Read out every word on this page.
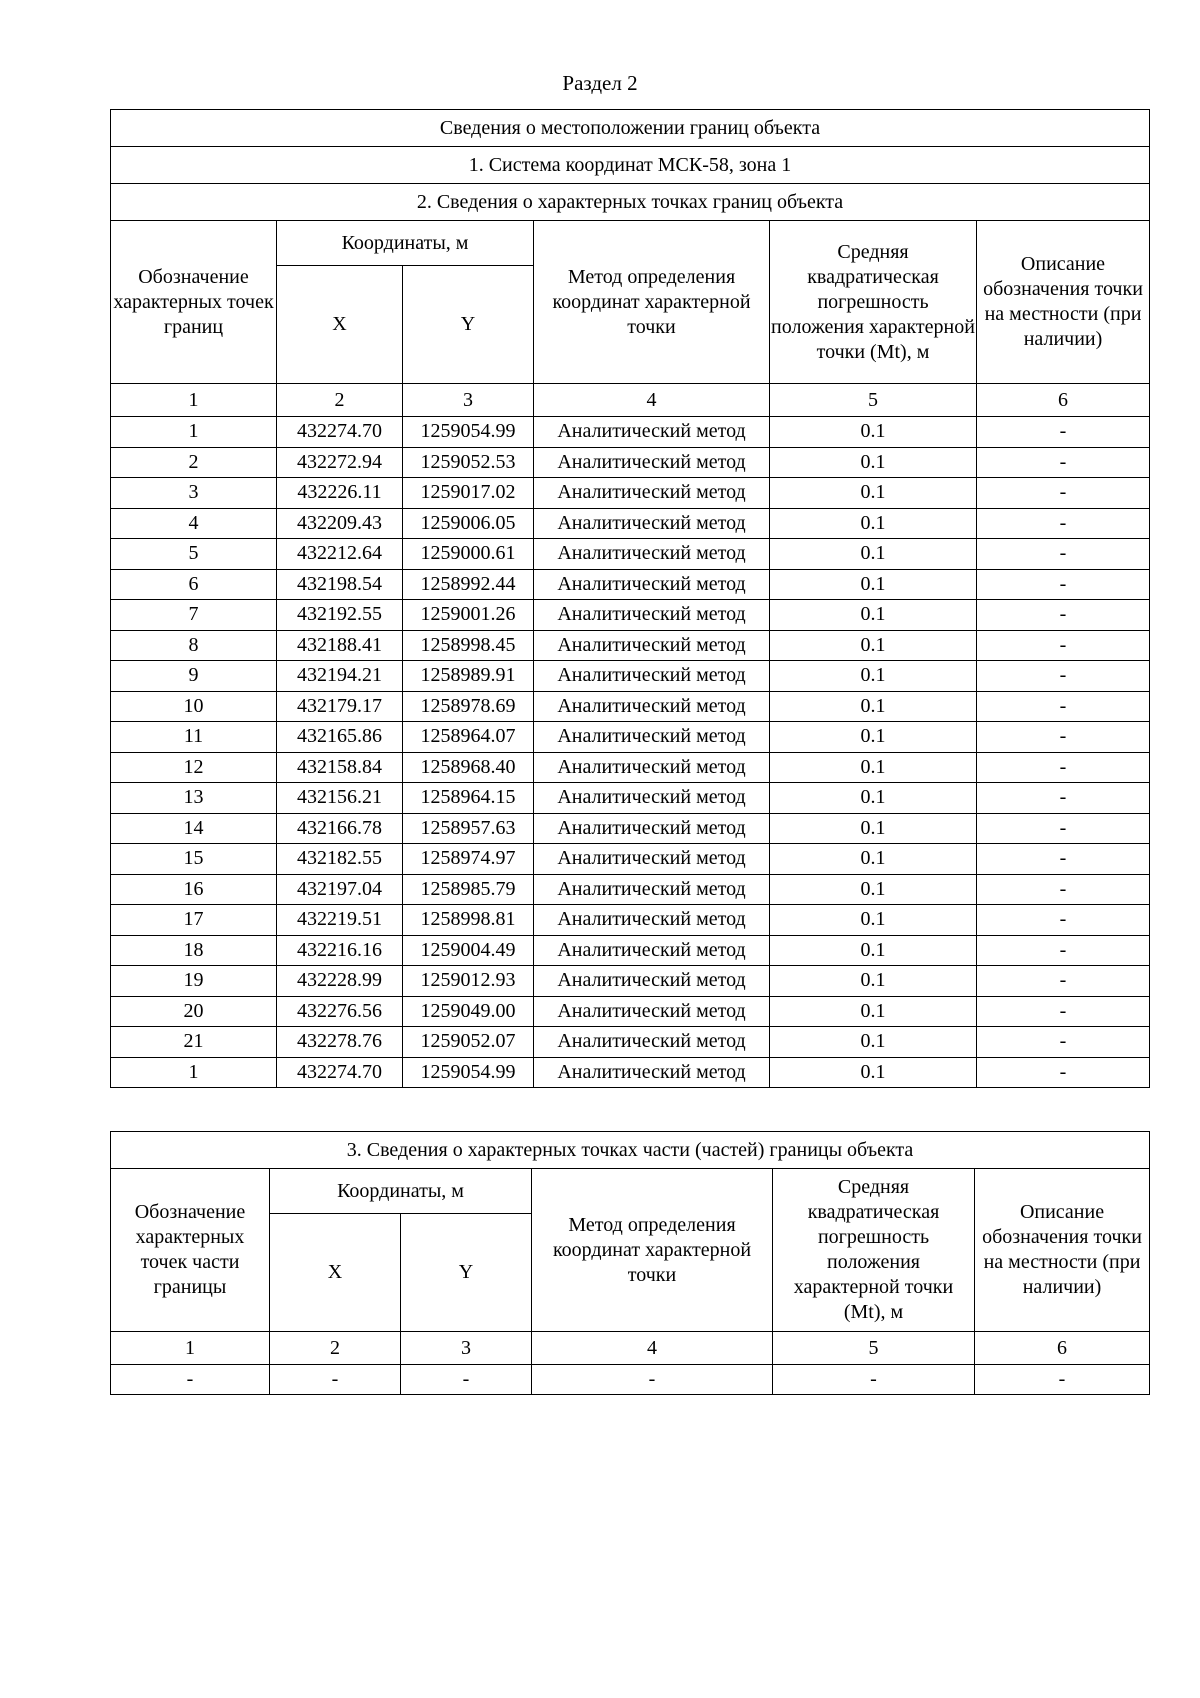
Раздел 2
Сведения о местоположении границ объекта					
1. Система координат МСК-58, зона 1					
2. Сведения о характерных точках границ объекта					
Обозначение характерных точек границ	Координаты, м		Метод определения координат характерной точки	Средняя квадратическая погрешность положения характерной точки (Mt), м	Описание обозначения точки на местности (при наличии)
	X	Y			
1	2	3	4	5	6
1	432274.70	1259054.99	Аналитический метод	0.1	-
2	432272.94	1259052.53	Аналитический метод	0.1	-
3	432226.11	1259017.02	Аналитический метод	0.1	-
4	432209.43	1259006.05	Аналитический метод	0.1	-
5	432212.64	1259000.61	Аналитический метод	0.1	-
6	432198.54	1258992.44	Аналитический метод	0.1	-
7	432192.55	1259001.26	Аналитический метод	0.1	-
8	432188.41	1258998.45	Аналитический метод	0.1	-
9	432194.21	1258989.91	Аналитический метод	0.1	-
10	432179.17	1258978.69	Аналитический метод	0.1	-
11	432165.86	1258964.07	Аналитический метод	0.1	-
12	432158.84	1258968.40	Аналитический метод	0.1	-
13	432156.21	1258964.15	Аналитический метод	0.1	-
14	432166.78	1258957.63	Аналитический метод	0.1	-
15	432182.55	1258974.97	Аналитический метод	0.1	-
16	432197.04	1258985.79	Аналитический метод	0.1	-
17	432219.51	1258998.81	Аналитический метод	0.1	-
18	432216.16	1259004.49	Аналитический метод	0.1	-
19	432228.99	1259012.93	Аналитический метод	0.1	-
20	432276.56	1259049.00	Аналитический метод	0.1	-
21	432278.76	1259052.07	Аналитический метод	0.1	-
1	432274.70	1259054.99	Аналитический метод	0.1	-
3. Сведения о характерных точках части (частей) границы объекта					
Обозначение характерных точек части границы	Координаты, м		Метод определения координат характерной точки	Средняя квадратическая погрешность положения характерной точки (Mt), м	Описание обозначения точки на местности (при наличии)
	X	Y			
1	2	3	4	5	6
-	-	-	-	-	-
